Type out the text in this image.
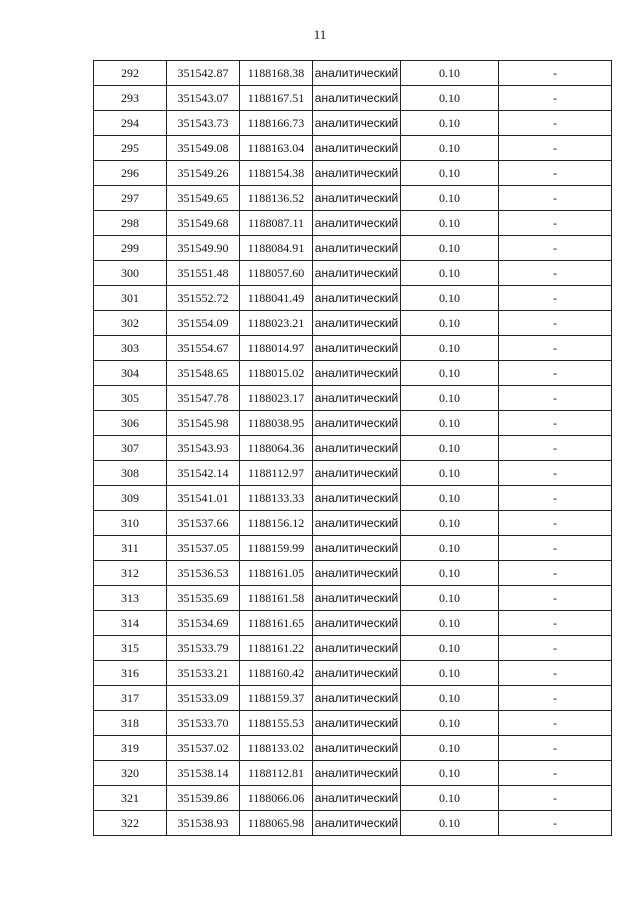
11
292	351542.87	1188168.38	аналитический	0.10	-
293	351543.07	1188167.51	аналитический	0.10	-
294	351543.73	1188166.73	аналитический	0.10	-
295	351549.08	1188163.04	аналитический	0.10	-
296	351549.26	1188154.38	аналитический	0.10	-
297	351549.65	1188136.52	аналитический	0.10	-
298	351549.68	1188087.11	аналитический	0.10	-
299	351549.90	1188084.91	аналитический	0.10	-
300	351551.48	1188057.60	аналитический	0.10	-
301	351552.72	1188041.49	аналитический	0.10	-
302	351554.09	1188023.21	аналитический	0.10	-
303	351554.67	1188014.97	аналитический	0.10	-
304	351548.65	1188015.02	аналитический	0.10	-
305	351547.78	1188023.17	аналитический	0.10	-
306	351545.98	1188038.95	аналитический	0.10	-
307	351543.93	1188064.36	аналитический	0.10	-
308	351542.14	1188112.97	аналитический	0.10	-
309	351541.01	1188133.33	аналитический	0.10	-
310	351537.66	1188156.12	аналитический	0.10	-
311	351537.05	1188159.99	аналитический	0.10	-
312	351536.53	1188161.05	аналитический	0.10	-
313	351535.69	1188161.58	аналитический	0.10	-
314	351534.69	1188161.65	аналитический	0.10	-
315	351533.79	1188161.22	аналитический	0.10	-
316	351533.21	1188160.42	аналитический	0.10	-
317	351533.09	1188159.37	аналитический	0.10	-
318	351533.70	1188155.53	аналитический	0.10	-
319	351537.02	1188133.02	аналитический	0.10	-
320	351538.14	1188112.81	аналитический	0.10	-
321	351539.86	1188066.06	аналитический	0.10	-
322	351538.93	1188065.98	аналитический	0.10	-
